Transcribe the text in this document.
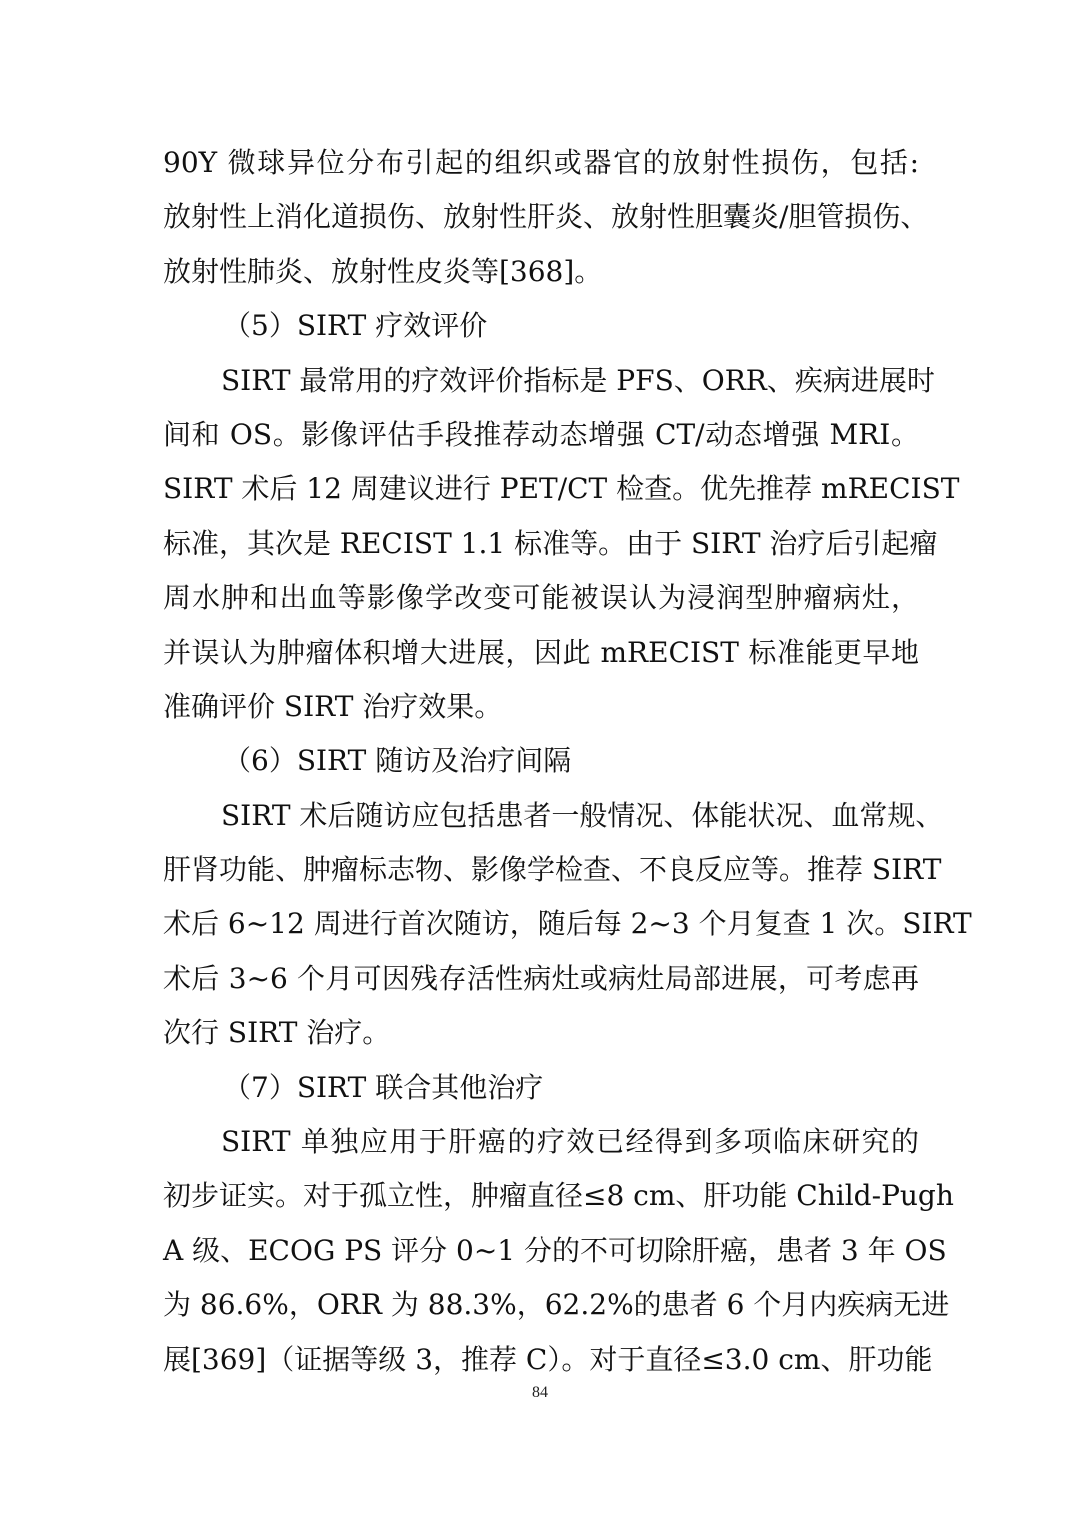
90Y 微球异位分布引起的组织或器官的放射性损伤，包括:
放射性上消化道损伤、放射性肝炎、放射性胆囊炎/胆管损伤、
放射性肺炎、放射性皮炎等[368]。
（5）SIRT 疗效评价
SIRT 最常用的疗效评价指标是 PFS、ORR、疾病进展时
间和 OS。影像评估手段推荐动态增强 CT/动态增强 MRI。
SIRT 术后 12 周建议进行 PET/CT 检查。优先推荐 mRECIST
标准，其次是 RECIST 1.1 标准等。由于 SIRT 治疗后引起瘤
周水肿和出血等影像学改变可能被误认为浸润型肿瘤病灶，
并误认为肿瘤体积增大进展，因此 mRECIST 标准能更早地
准确评价 SIRT 治疗效果。
（6）SIRT 随访及治疗间隔
SIRT 术后随访应包括患者一般情况、体能状况、血常规、
肝肾功能、肿瘤标志物、影像学检查、不良反应等。推荐 SIRT
术后 6~12 周进行首次随访，随后每 2~3 个月复查 1 次。SIRT
术后 3~6 个月可因残存活性病灶或病灶局部进展，可考虑再
次行 SIRT 治疗。
（7）SIRT 联合其他治疗
SIRT 单独应用于肝癌的疗效已经得到多项临床研究的
初步证实。对于孤立性，肿瘤直径≤8 cm、肝功能 Child-Pugh
A 级、ECOG PS 评分 0~1 分的不可切除肝癌，患者 3 年 OS
为 86.6%，ORR 为 88.3%，62.2%的患者 6 个月内疾病无进
展[369]（证据等级 3，推荐 C）。对于直径≤3.0 cm、肝功能
84
